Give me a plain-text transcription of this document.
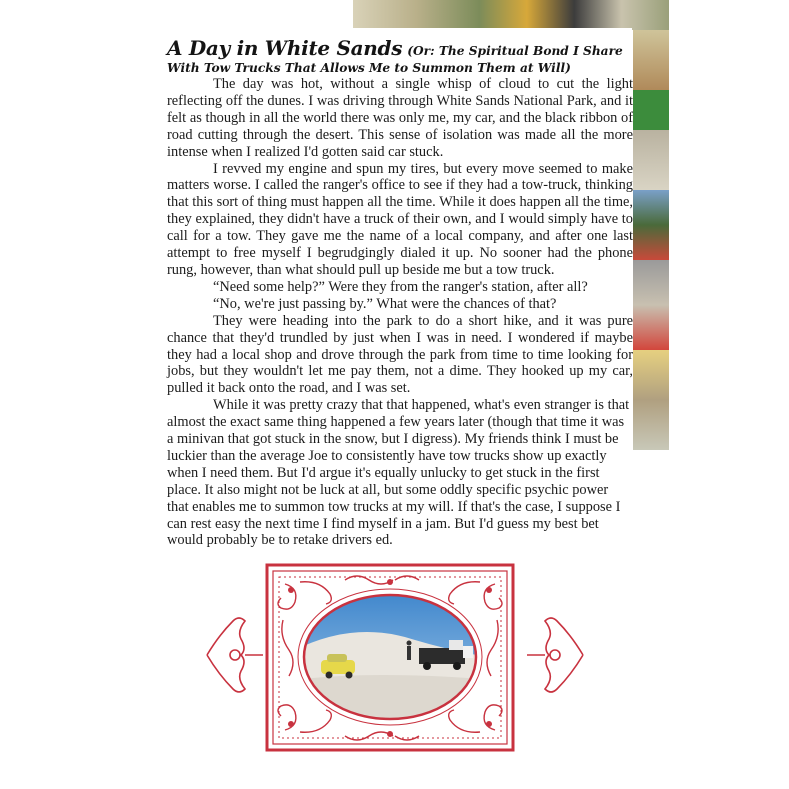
A Day in White Sands (Or: The Spiritual Bond I Share
With Tow Trucks That Allows Me to Summon Them at Will)

The day was hot, without a single whisp of cloud to cut the light reflecting off the dunes. I was driving through White Sands National Park, and it felt as though in all the world there was only me, my car, and the black ribbon of road cutting through the desert. This sense of isolation was made all the more intense when I realized I'd gotten said car stuck.

I revved my engine and spun my tires, but every move seemed to make matters worse. I called the ranger's office to see if they had a tow-truck, thinking that this sort of thing must happen all the time. While it does happen all the time, they explained, they didn't have a truck of their own, and I would simply have to call for a tow. They gave me the name of a local company, and after one last attempt to free myself I begrudgingly dialed it up. No sooner had the phone rung, however, than what should pull up beside me but a tow truck.

“Need some help?” Were they from the ranger's station, after all?

“No, we're just passing by.” What were the chances of that?

They were heading into the park to do a short hike, and it was pure chance that they'd trundled by just when I was in need. I wondered if maybe they had a local shop and drove through the park from time to time looking for jobs, but they wouldn't let me pay them, not a dime. They hooked up my car, pulled it back onto the road, and I was set.

While it was pretty crazy that that happened, what's even stranger is that almost the exact same thing happened a few years later (though that time it was a minivan that got stuck in the snow, but I digress). My friends think I must be luckier than the average Joe to consistently have tow trucks show up exactly when I need them. But I'd argue it's equally unlucky to get stuck in the first place. It also might not be luck at all, but some oddly specific psychic power that enables me to summon tow trucks at my will. If that's the case, I suppose I can rest easy the next time I find myself in a jam. But I'd guess my best bet would probably be to retake drivers ed.
